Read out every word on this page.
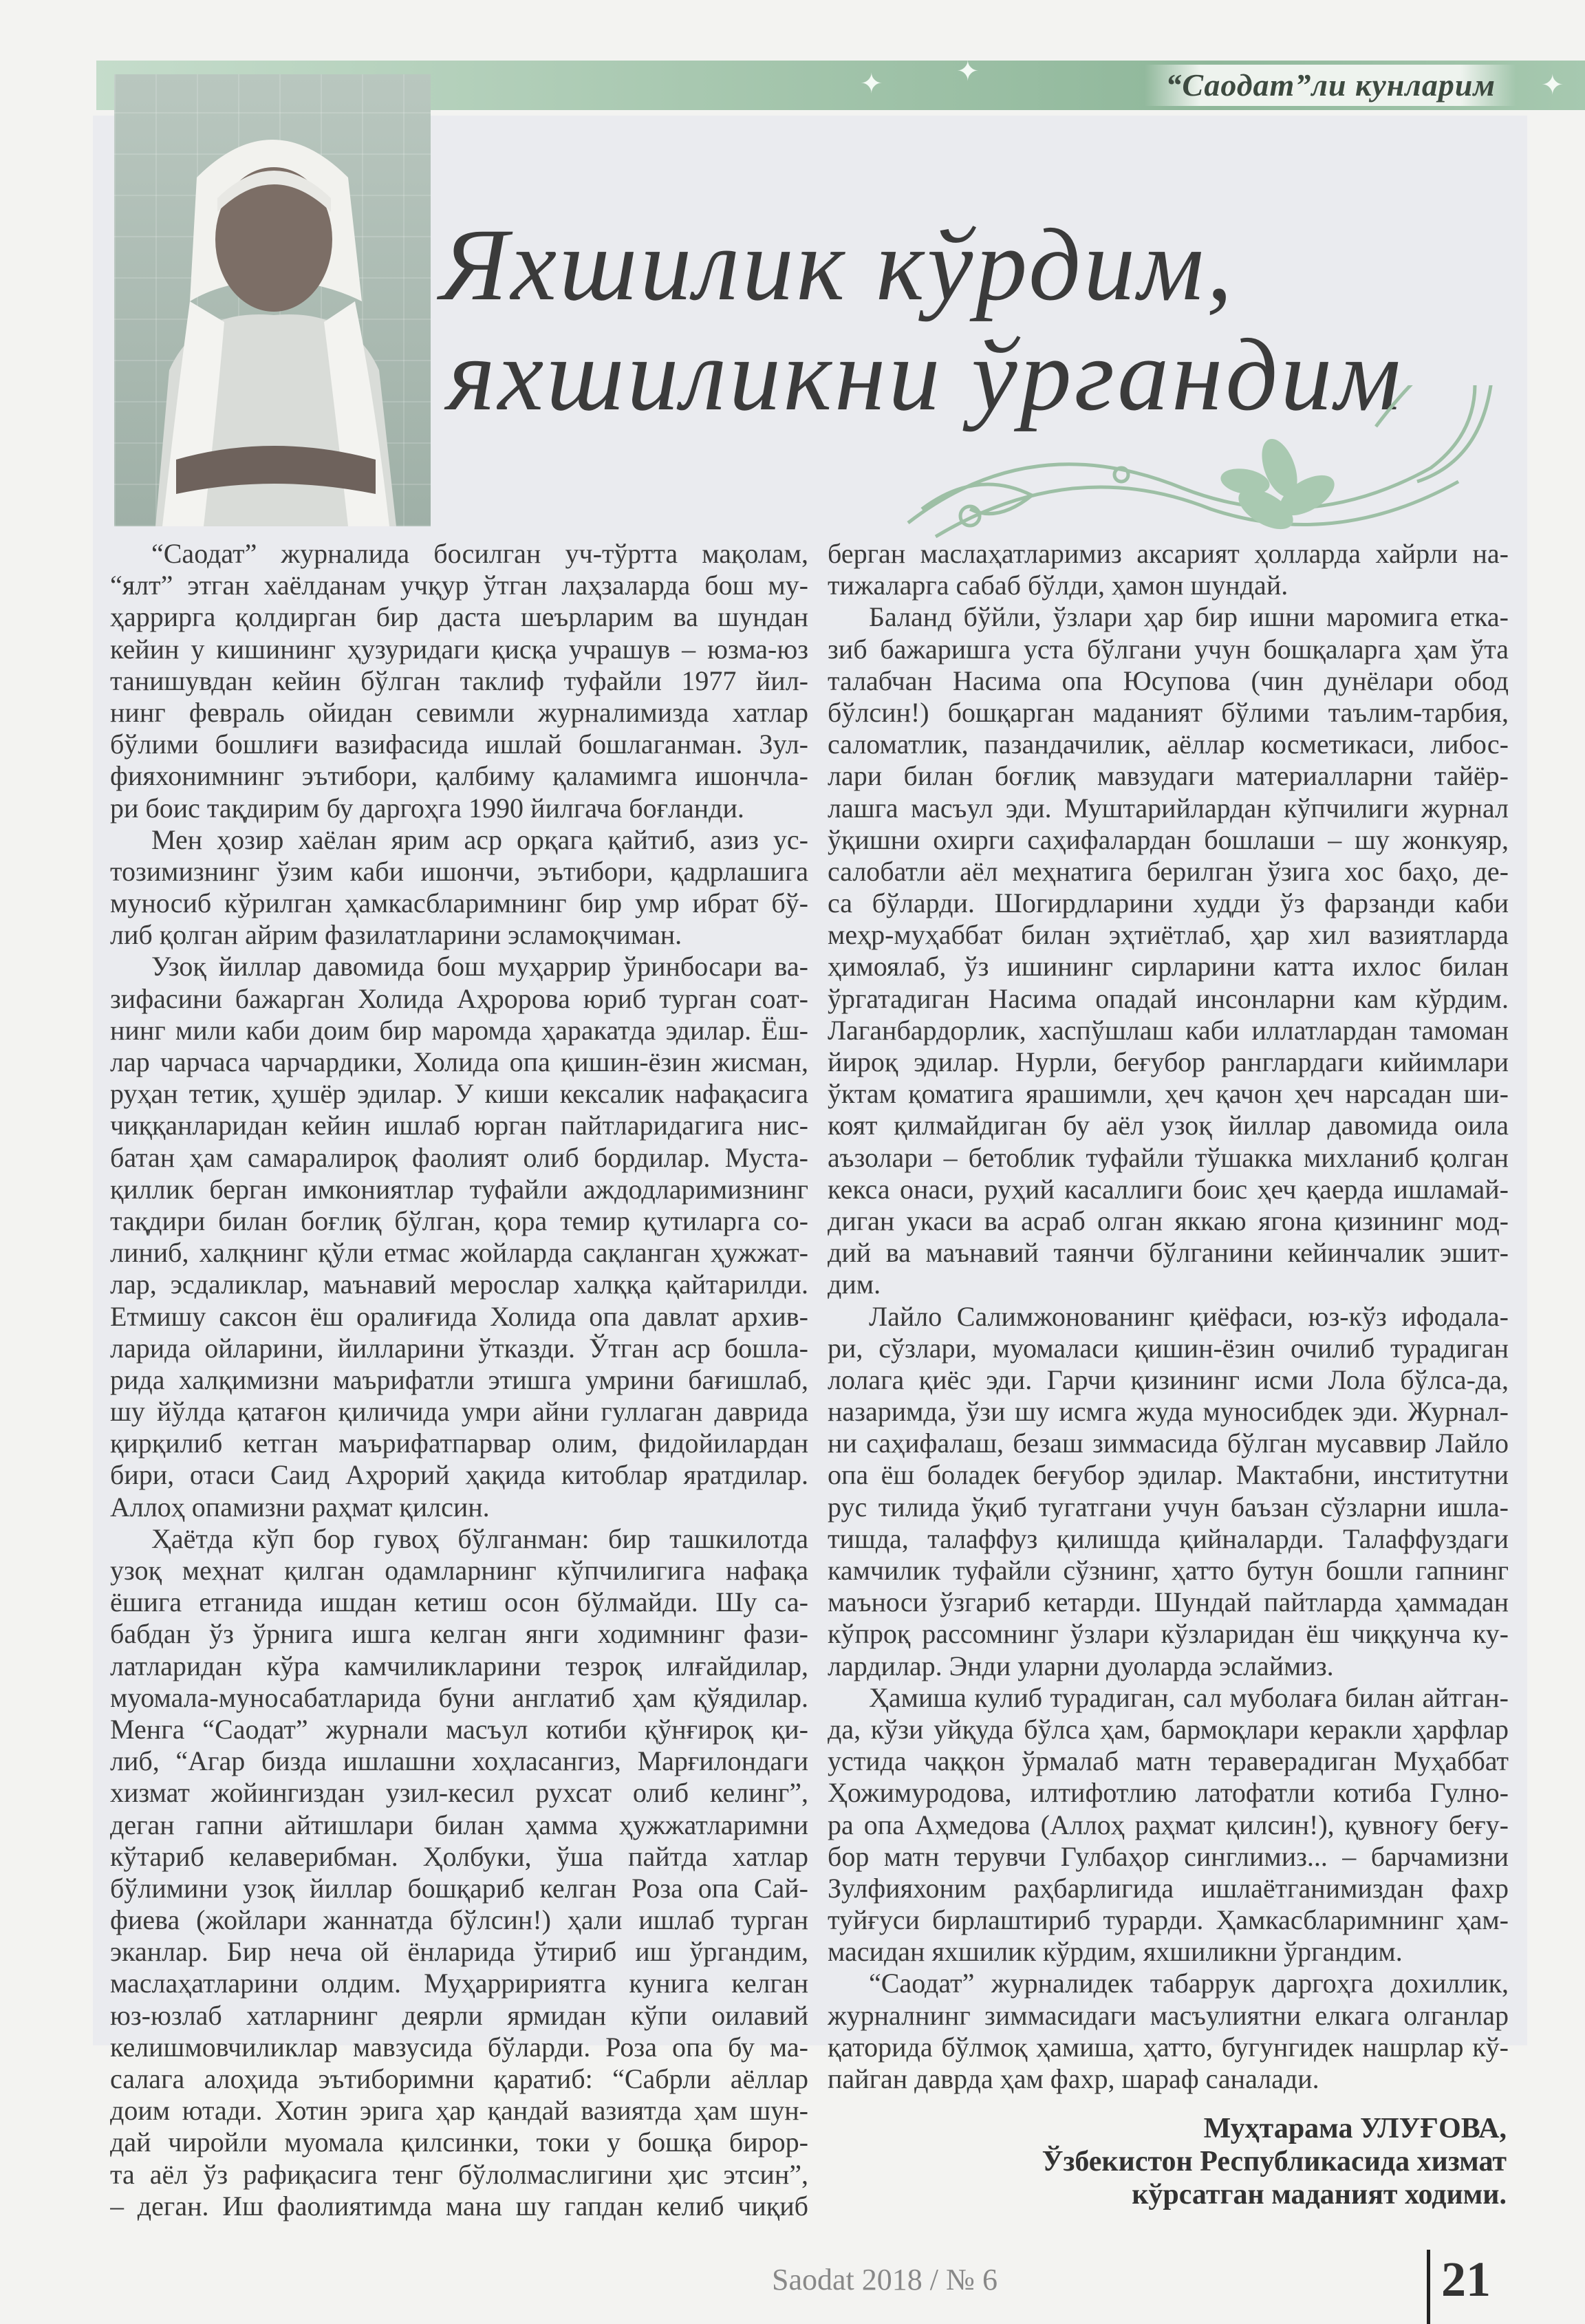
✦	✦	✦
“Саодат”ли кунларим
Яхшилик кўрдим,
яхшиликни ўргандим
“Саодат” журналида босилган уч-тўртта мақолам,
“ялт” этган хаёлданам учқур ўтган лаҳзаларда бош му-
ҳаррирга қолдирган бир даста шеърларим ва шундан
кейин у кишининг ҳузуридаги қисқа учрашув – юзма-юз
танишувдан кейин бўлган таклиф туфайли 1977 йил-
нинг февраль ойидан севимли журналимизда хатлар
бўлими бошлиғи вазифасида ишлай бошлаганман. Зул-
фияхонимнинг эътибори, қалбиму қаламимга ишончла-
ри боис тақдирим бу даргоҳга 1990 йилгача боғланди.
Мен ҳозир хаёлан ярим аср орқага қайтиб, азиз ус-
тозимизнинг ўзим каби ишончи, эътибори, қадрлашига
муносиб кўрилган ҳамкасбларимнинг бир умр ибрат бў-
либ қолган айрим фазилатларини эсламоқчиман.
Узоқ йиллар давомида бош муҳаррир ўринбосари ва-
зифасини бажарган Холида Аҳророва юриб турган соат-
нинг мили каби доим бир маромда ҳаракатда эдилар. Ёш-
лар чарчаса чарчардики, Холида опа қишин-ёзин жисман,
руҳан тетик, ҳушёр эдилар. У киши кексалик нафақасига
чиққанларидан кейин ишлаб юрган пайтларидагига нис-
батан ҳам самаралироқ фаолият олиб бордилар. Муста-
қиллик берган имкониятлар туфайли аждодларимизнинг
тақдири билан боғлиқ бўлган, қора темир қутиларга со-
линиб, халқнинг қўли етмас жойларда сақланган ҳужжат-
лар, эсдаликлар, маънавий мерослар халққа қайтарилди.
Етмишу саксон ёш оралиғида Холида опа давлат архив-
ларида ойларини, йилларини ўтказди. Ўтган аср бошла-
рида халқимизни маърифатли этишга умрини бағишлаб,
шу йўлда қатағон қиличида умри айни гуллаган даврида
қирқилиб кетган маърифатпарвар олим, фидойилардан
бири, отаси Саид Аҳрорий ҳақида китоблар яратдилар.
Аллоҳ опамизни раҳмат қилсин.
Ҳаётда кўп бор гувоҳ бўлганман: бир ташкилотда
узоқ меҳнат қилган одамларнинг кўпчилигига нафақа
ёшига етганида ишдан кетиш осон бўлмайди. Шу са-
бабдан ўз ўрнига ишга келган янги ходимнинг фази-
латларидан кўра камчиликларини тезроқ илғайдилар,
муомала-муносабатларида буни англатиб ҳам қўядилар.
Менга “Саодат” журнали масъул котиби қўнғироқ қи-
либ, “Агар бизда ишлашни хоҳласангиз, Марғилондаги
хизмат жойингиздан узил-кесил рухсат олиб келинг”,
деган гапни айтишлари билан ҳамма ҳужжатларимни
кўтариб келаверибман. Ҳолбуки, ўша пайтда хатлар
бўлимини узоқ йиллар бошқариб келган Роза опа Сай-
фиева (жойлари жаннатда бўлсин!) ҳали ишлаб турган
эканлар. Бир неча ой ёнларида ўтириб иш ўргандим,
маслаҳатларини олдим. Муҳарририятга кунига келган
юз-юзлаб хатларнинг деярли ярмидан кўпи оилавий
келишмовчиликлар мавзусида бўларди. Роза опа бу ма-
салага алоҳида эътиборимни қаратиб: “Сабрли аёллар
доим ютади. Хотин эрига ҳар қандай вазиятда ҳам шун-
дай чиройли муомала қилсинки, токи у бошқа бирор-
та аёл ўз рафиқасига тенг бўлолмаслигини ҳис этсин”,
– деган. Иш фаолиятимда мана шу гапдан келиб чиқиб
берган маслаҳатларимиз аксарият ҳолларда хайрли на-
тижаларга сабаб бўлди, ҳамон шундай.
Баланд бўйли, ўзлари ҳар бир ишни маромига етка-
зиб бажаришга уста бўлгани учун бошқаларга ҳам ўта
талабчан Насима опа Юсупова (чин дунёлари обод
бўлсин!) бошқарган маданият бўлими таълим-тарбия,
саломатлик, пазандачилик, аёллар косметикаси, либос-
лари билан боғлиқ мавзудаги материалларни тайёр-
лашга масъул эди. Муштарийлардан кўпчилиги журнал
ўқишни охирги саҳифалардан бошлаши – шу жонкуяр,
салобатли аёл меҳнатига берилган ўзига хос баҳо, де-
са бўларди. Шогирдларини худди ўз фарзанди каби
меҳр-муҳаббат билан эҳтиётлаб, ҳар хил вазиятларда
ҳимоялаб, ўз ишининг сирларини катта ихлос билан
ўргатадиган Насима опадай инсонларни кам кўрдим.
Лаганбардорлик, хаспўшлаш каби иллатлардан тамоман
йироқ эдилар. Нурли, беғубор ранглардаги кийимлари
ўктам қоматига ярашимли, ҳеч қачон ҳеч нарсадан ши-
коят қилмайдиган бу аёл узоқ йиллар давомида оила
аъзолари – бетоблик туфайли тўшакка михланиб қолган
кекса онаси, руҳий касаллиги боис ҳеч қаерда ишламай-
диган укаси ва асраб олган яккаю ягона қизининг мод-
дий ва маънавий таянчи бўлганини кейинчалик эшит-
дим.
Лайло Салимжонованинг қиёфаси, юз-кўз ифодала-
ри, сўзлари, муомаласи қишин-ёзин очилиб турадиган
лолага қиёс эди. Гарчи қизининг исми Лола бўлса-да,
назаримда, ўзи шу исмга жуда муносибдек эди. Журнал-
ни саҳифалаш, безаш зиммасида бўлган мусаввир Лайло
опа ёш боладек беғубор эдилар. Мактабни, институтни
рус тилида ўқиб тугатгани учун баъзан сўзларни ишла-
тишда, талаффуз қилишда қийналарди. Талаффуздаги
камчилик туфайли сўзнинг, ҳатто бутун бошли гапнинг
маъноси ўзгариб кетарди. Шундай пайтларда ҳаммадан
кўпроқ рассомнинг ўзлари кўзларидан ёш чиққунча ку-
лардилар. Энди уларни дуоларда эслаймиз.
Ҳамиша кулиб турадиган, сал муболаға билан айтган-
да, кўзи уйқуда бўлса ҳам, бармоқлари керакли ҳарфлар
устида чаққон ўрмалаб матн тераверадиган Муҳаббат
Ҳожимуродова, илтифотлию латофатли котиба Гулно-
ра опа Аҳмедова (Аллоҳ раҳмат қилсин!), қувноғу беғу-
бор матн терувчи Гулбаҳор синглимиз... – барчамизни
Зулфияхоним раҳбарлигида ишлаётганимиздан фахр
туйғуси бирлаштириб турарди. Ҳамкасбларимнинг ҳам-
масидан яхшилик кўрдим, яхшиликни ўргандим.
“Саодат” журналидек табаррук даргоҳга дохиллик,
журналнинг зиммасидаги масъулиятни елкага олганлар
қаторида бўлмоқ ҳамиша, ҳатто, бугунгидек нашрлар кў-
пайган даврда ҳам фахр, шараф саналади.
Муҳтарама УЛУҒОВА,
Ўзбекистон Республикасида хизмат
кўрсатган маданият ходими.
Saodat 2018 / № 6	21
